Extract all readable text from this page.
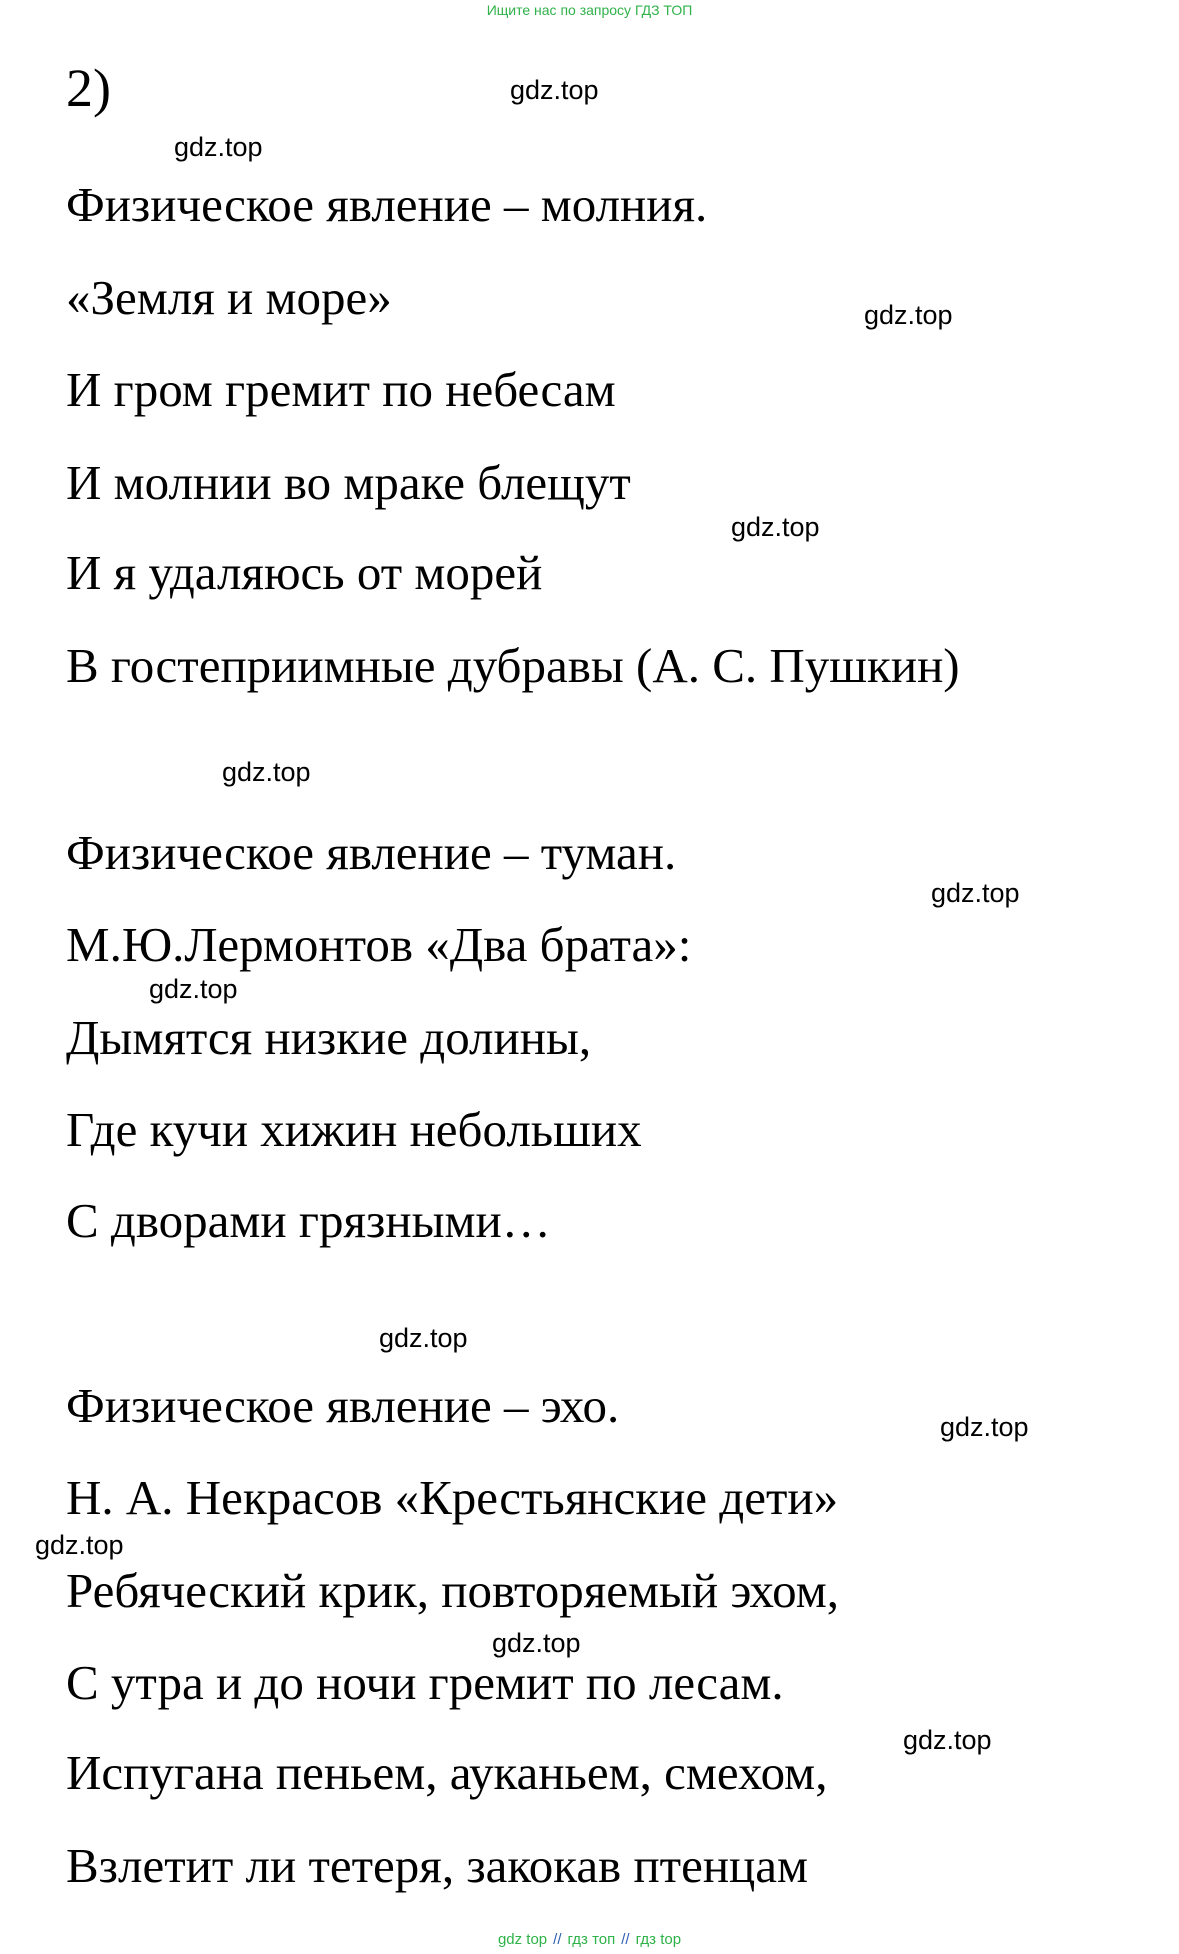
Ищите нас по запросу ГДЗ ТОП
2)
Физическое явление – молния.
«Земля и море»
И гром гремит по небесам
И молнии во мраке блещут
И я удаляюсь от морей
В гостеприимные дубравы (А. С. Пушкин)
Физическое явление – туман.
М.Ю.Лермонтов «Два брата»:
Дымятся низкие долины,
Где кучи хижин небольших
С дворами грязными…
Физическое явление – эхо.
Н. А. Некрасов «Крестьянские дети»
Ребяческий крик, повторяемый эхом,
С утра и до ночи гремит по лесам.
Испугана пеньем, ауканьем, смехом,
Взлетит ли тетеря, закокав птенцам
gdz.top
gdz.top
gdz.top
gdz.top
gdz.top
gdz.top
gdz.top
gdz.top
gdz.top
gdz.top
gdz.top
gdz.top
gdz top // гдз топ // гдз top
